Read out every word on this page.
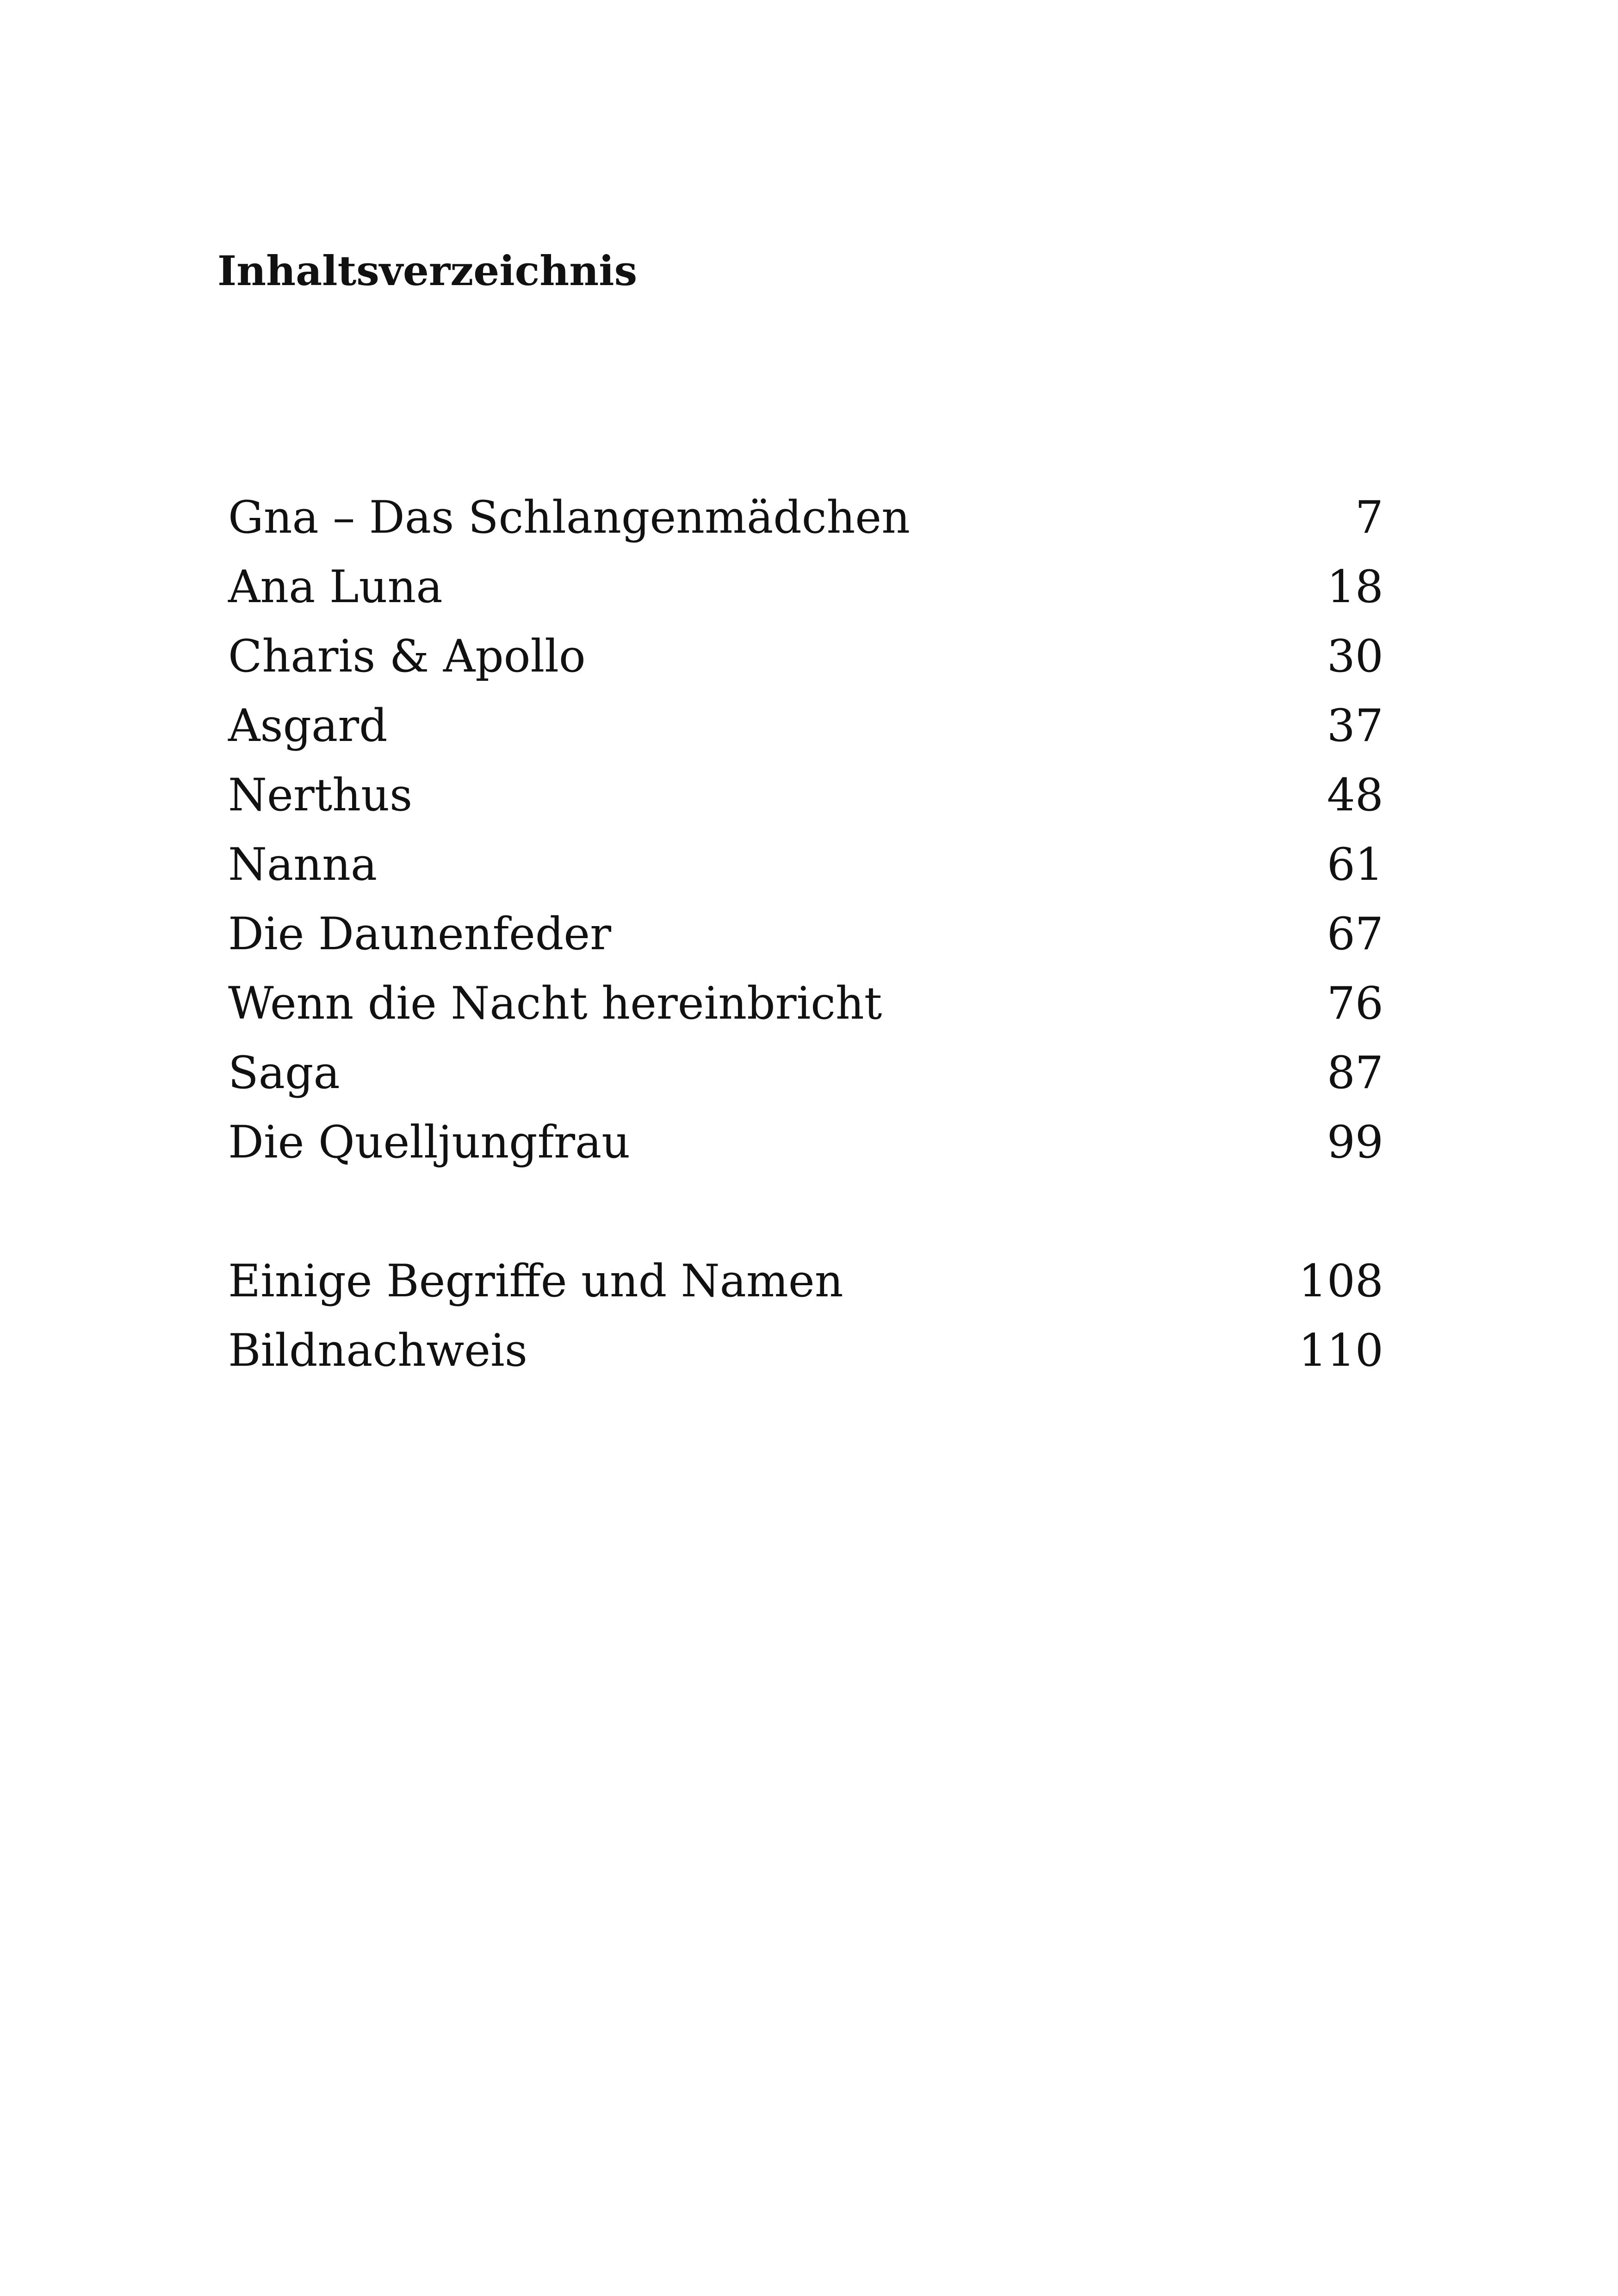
Inhaltsverzeichnis
Gna – Das Schlangenmädchen	7
Ana Luna	18
Charis & Apollo	30
Asgard	37
Nerthus	48
Nanna	61
Die Daunenfeder	67
Wenn die Nacht hereinbricht	76
Saga	87
Die Quelljungfrau	99
Einige Begriffe und Namen	108
Bildnachweis	110
